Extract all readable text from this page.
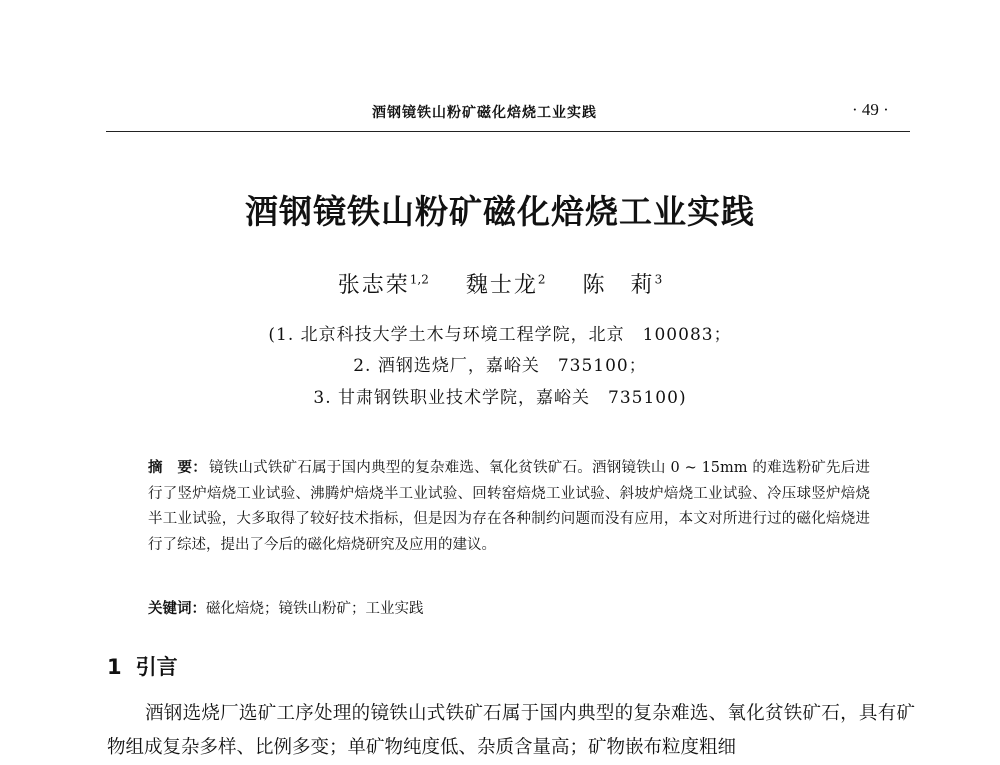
酒钢镜铁山粉矿磁化焙烧工业实践	· 49 ·
酒钢镜铁山粉矿磁化焙烧工业实践
张志荣$^{1,2}$ 魏士龙$^2$ 陈　莉$^3$
(1. 北京科技大学土木与环境工程学院，北京　100083；
2. 酒钢选烧厂，嘉峪关　735100；
3. 甘肃钢铁职业技术学院，嘉峪关　735100)
摘　要： 镜铁山式铁矿石属于国内典型的复杂难选、氧化贫铁矿石。酒钢镜铁山 0 ~ 15mm 的难选粉矿先后进行了竖炉焙烧工业试验、沸腾炉焙烧半工业试验、回转窑焙烧工业试验、斜坡炉焙烧工业试验、冷压球竖炉焙烧半工业试验，大多取得了较好技术指标，但是因为存在各种制约问题而没有应用，本文对所进行过的磁化焙烧进行了综述，提出了今后的磁化焙烧研究及应用的建议。
关键词：磁化焙烧；镜铁山粉矿；工业实践
1 引言
酒钢选烧厂选矿工序处理的镜铁山式铁矿石属于国内典型的复杂难选、氧化贫铁矿石，具有矿物组成复杂多样、比例多变；单矿物纯度低、杂质含量高；矿物嵌布粒度粗细
